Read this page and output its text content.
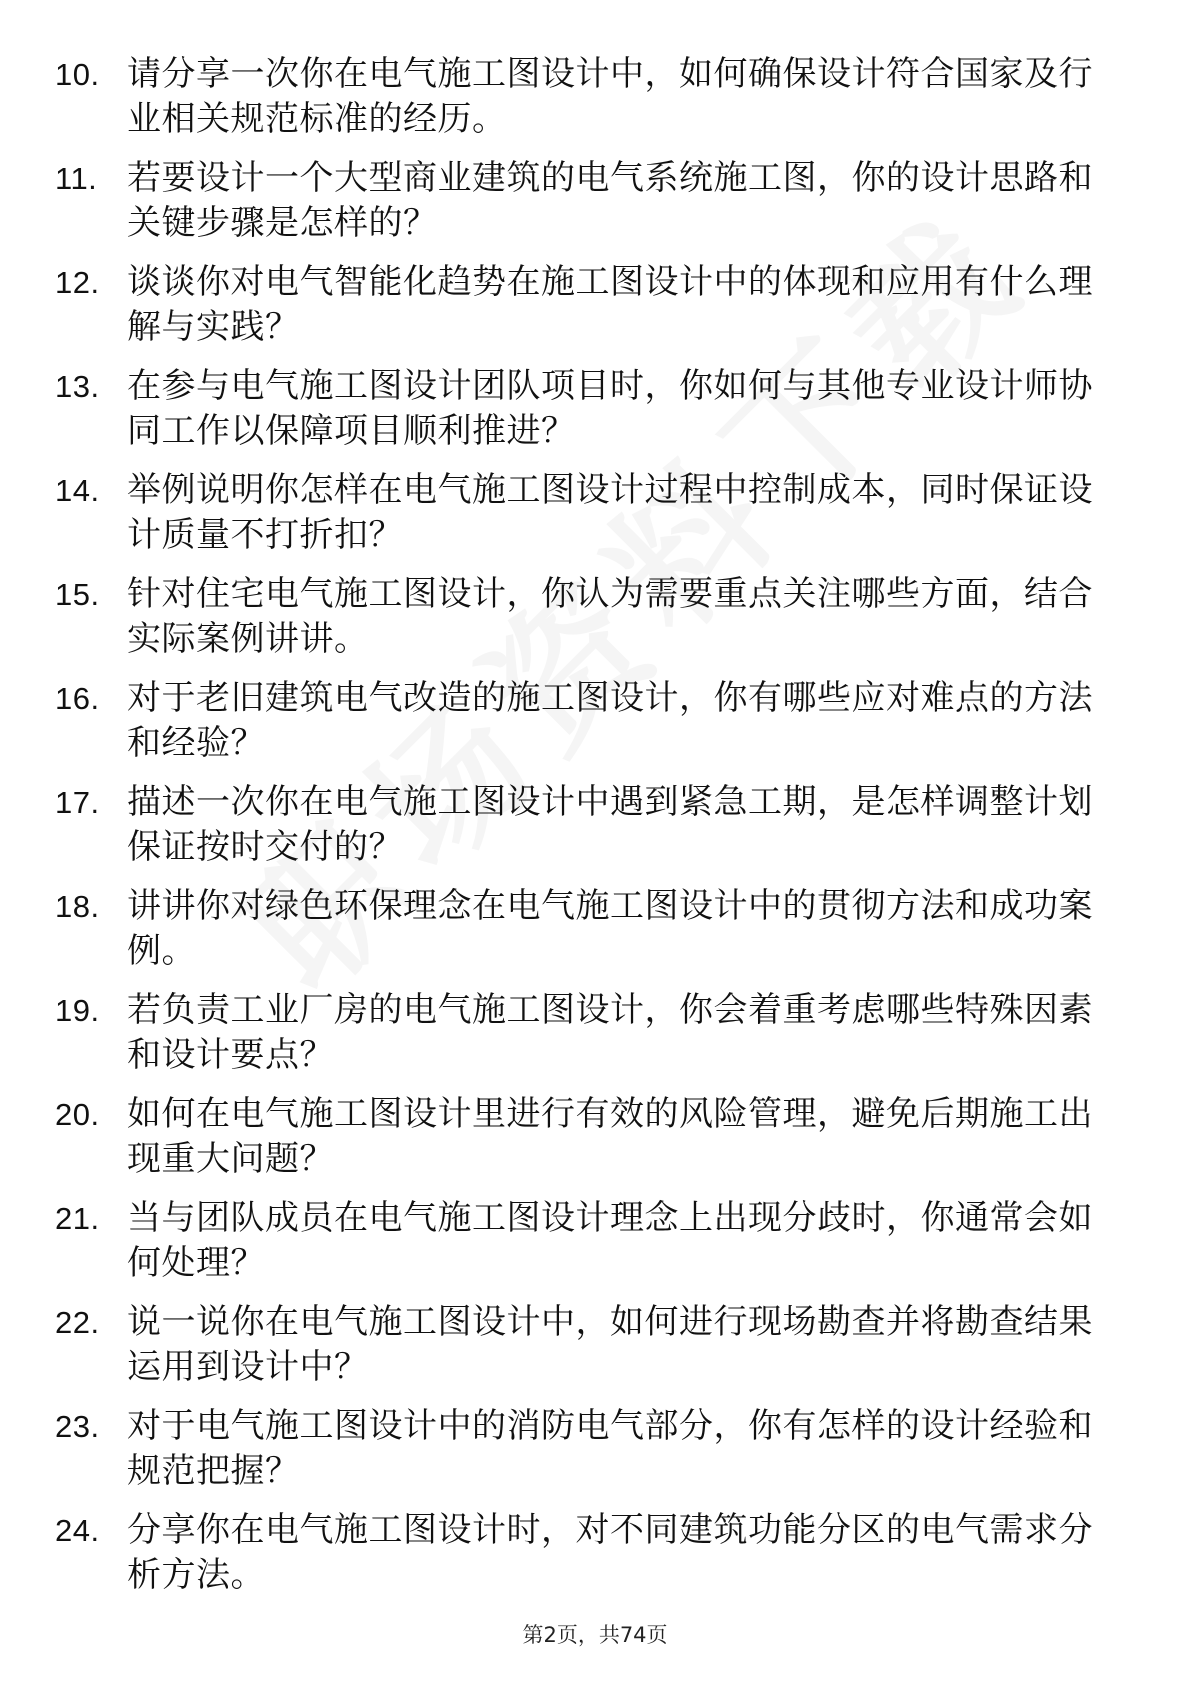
10. 请分享一次你在电气施工图设计中，如何确保设计符合国家及行业相关规范标准的经历。
11. 若要设计一个大型商业建筑的电气系统施工图，你的设计思路和关键步骤是怎样的？
12. 谈谈你对电气智能化趋势在施工图设计中的体现和应用有什么理解与实践？
13. 在参与电气施工图设计团队项目时，你如何与其他专业设计师协同工作以保障项目顺利推进？
14. 举例说明你怎样在电气施工图设计过程中控制成本，同时保证设计质量不打折扣？
15. 针对住宅电气施工图设计，你认为需要重点关注哪些方面，结合实际案例讲讲。
16. 对于老旧建筑电气改造的施工图设计，你有哪些应对难点的方法和经验？
17. 描述一次你在电气施工图设计中遇到紧急工期，是怎样调整计划保证按时交付的？
18. 讲讲你对绿色环保理念在电气施工图设计中的贯彻方法和成功案例。
19. 若负责工业厂房的电气施工图设计，你会着重考虑哪些特殊因素和设计要点？
20. 如何在电气施工图设计里进行有效的风险管理，避免后期施工出现重大问题？
21. 当与团队成员在电气施工图设计理念上出现分歧时，你通常会如何处理？
22. 说一说你在电气施工图设计中，如何进行现场勘查并将勘查结果运用到设计中？
23. 对于电气施工图设计中的消防电气部分，你有怎样的设计经验和规范把握？
24. 分享你在电气施工图设计时，对不同建筑功能分区的电气需求分析方法。
第2页，共74页
